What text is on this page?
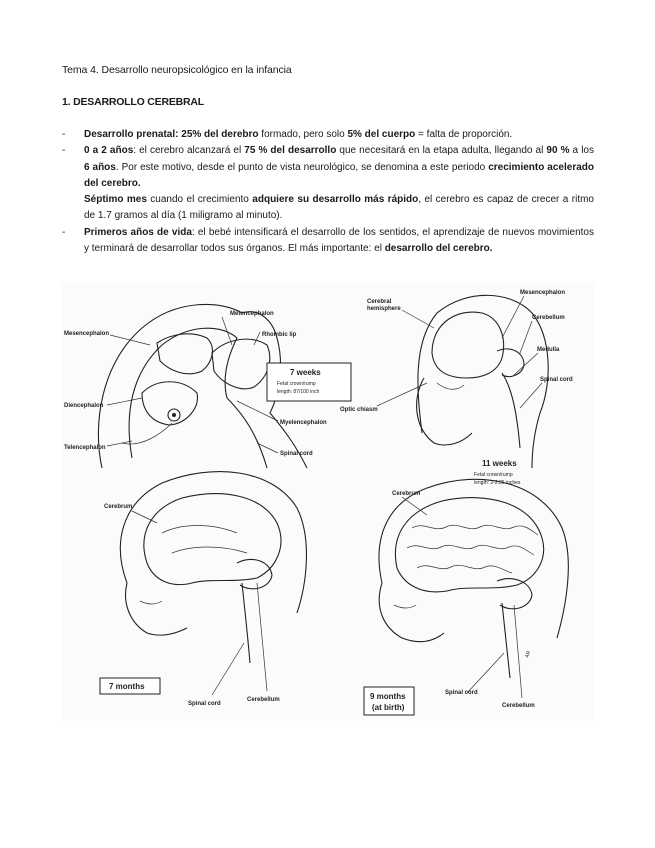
Tema 4. Desarrollo neuropsicológico en la infancia
1. DESARROLLO CEREBRAL
-	Desarrollo prenatal: 25% del derebro formado, pero solo 5% del cuerpo = falta de proporción.
-	0 a 2 años: el cerebro alcanzará el 75 % del desarrollo que necesitará en la etapa adulta, llegando al 90 % a los 6 años. Por este motivo, desde el punto de vista neurológico, se denomina a este periodo crecimiento acelerado del cerebro.
Séptimo mes cuando el crecimiento adquiere su desarrollo más rápido, el cerebro es capaz de crecer a ritmo de 1.7 gramos al día (1 miligramo al minuto).
-	Primeros años de vida: el bebé intensificará el desarrollo de los sentidos, el aprendizaje de nuevos movimientos y terminará de desarrollar todos sus órganos. El más importante: el desarrollo del cerebro.
Mesencephalon
Metencephalon
Rhombic lip
Diencephalon
Myelencephalon
Telencephalon
Spinal cord
7 weeks
Fetal crown/rump
length: 87/100 inch
Cerebral
hemisphere
Mesencephalon
Cerebellum
Medulla
Spinal cord
Optic chiasm
11 weeks
Fetal crown/rump
length: 2-2.25 inches
Cerebrum
7 months
Spinal cord
Cerebellum
Cerebrum
9 months
(at birth)
Spinal cord
Cerebellum
AR
